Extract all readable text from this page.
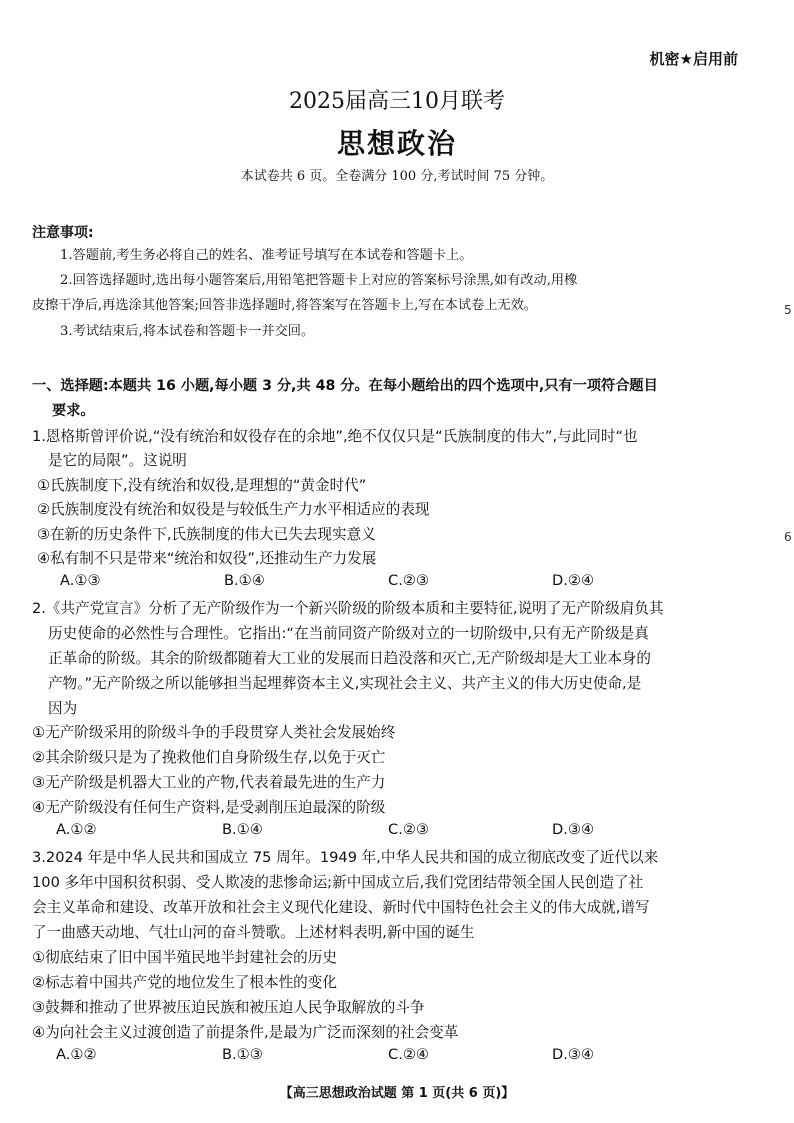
机密★启用前
2025届高三10月联考
思想政治
本试卷共 6 页。全卷满分 100 分,考试时间 75 分钟。
注意事项:
1.答题前,考生务必将自己的姓名、准考证号填写在本试卷和答题卡上。
2.回答选择题时,选出每小题答案后,用铅笔把答题卡上对应的答案标号涂黑,如有改动,用橡
皮擦干净后,再选涂其他答案;回答非选择题时,将答案写在答题卡上,写在本试卷上无效。
3.考试结束后,将本试卷和答题卡一并交回。
5
6
一、选择题:本题共 16 小题,每小题 3 分,共 48 分。在每小题给出的四个选项中,只有一项符合题目
要求。
1.恩格斯曾评价说,“没有统治和奴役存在的余地”,绝不仅仅只是“氏族制度的伟大”,与此同时“也
是它的局限”。这说明
①氏族制度下,没有统治和奴役,是理想的“黄金时代”
②氏族制度没有统治和奴役是与较低生产力水平相适应的表现
③在新的历史条件下,氏族制度的伟大已失去现实意义
④私有制不只是带来“统治和奴役”,还推动生产力发展
A.①③	B.①④	C.②③	D.②④
2.《共产党宣言》分析了无产阶级作为一个新兴阶级的阶级本质和主要特征,说明了无产阶级肩负其
历史使命的必然性与合理性。它指出:“在当前同资产阶级对立的一切阶级中,只有无产阶级是真
正革命的阶级。其余的阶级都随着大工业的发展而日趋没落和灭亡,无产阶级却是大工业本身的
产物。”无产阶级之所以能够担当起埋葬资本主义,实现社会主义、共产主义的伟大历史使命,是
因为
①无产阶级采用的阶级斗争的手段贯穿人类社会发展始终
②其余阶级只是为了挽救他们自身阶级生存,以免于灭亡
③无产阶级是机器大工业的产物,代表着最先进的生产力
④无产阶级没有任何生产资料,是受剥削压迫最深的阶级
A.①②	B.①④	C.②③	D.③④
3.2024 年是中华人民共和国成立 75 周年。1949 年,中华人民共和国的成立彻底改变了近代以来
100 多年中国积贫积弱、受人欺凌的悲惨命运;新中国成立后,我们党团结带领全国人民创造了社
会主义革命和建设、改革开放和社会主义现代化建设、新时代中国特色社会主义的伟大成就,谱写
了一曲感天动地、气壮山河的奋斗赞歌。上述材料表明,新中国的诞生
①彻底结束了旧中国半殖民地半封建社会的历史
②标志着中国共产党的地位发生了根本性的变化
③鼓舞和推动了世界被压迫民族和被压迫人民争取解放的斗争
④为向社会主义过渡创造了前提条件,是最为广泛而深刻的社会变革
A.①②	B.①③	C.②④	D.③④
【高三思想政治试题 第 1 页(共 6 页)】
